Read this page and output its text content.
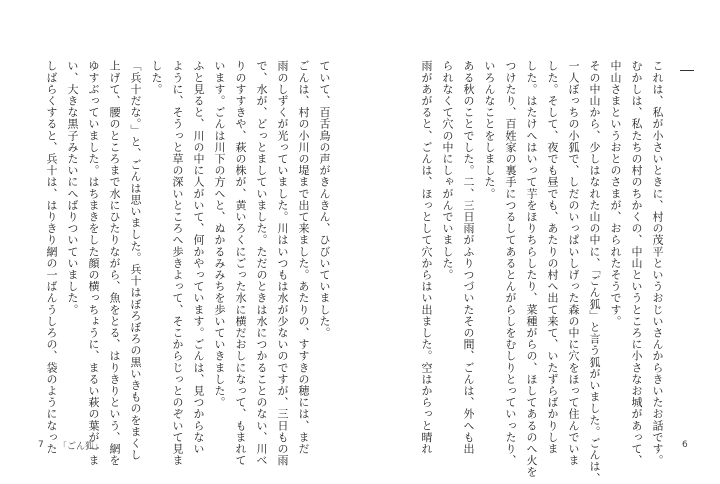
ていて、百舌鳥の声がきんきん、ひびいていました。
ごんは、村の小川の堤まで出て来ました。あたりの、すすきの穂には、まだ
雨のしずくが光っていました。川はいつもは水が少ないのですが、三日もの雨
で、水が、どっとましていました。ただのときは水につかることのない、川べ
りのすすきや、萩の株が、黄いろくにごった水に横だおしになって、もまれて
います。ごんは川下の方へと、ぬかるみみちを歩いていきました。
ふと見ると、川の中に人がいて、何かやっています。ごんは、見つからない
ように、そうっと草の深いところへ歩きよって、そこからじっとのぞいて見ま
した。
「兵十だな。」と、ごんは思いました。兵十はぼろぼろの黒いきものをまくし
上げて、腰のところまで水にひたりながら、魚をとる、はりきりという、網を
ゆすぶっていました。はちまきをした顔の横っちょうに、まるい萩の葉が一ま
い、大きな黒子みたいにへばりついていました。
しばらくすると、兵十は、はりきり網の一ばんうしろの、袋のようになった
7 「ごん狐」	これは、私が小さいときに、村の茂平というおじいさんからきいたお話です。
むかしは、私たちの村のちかくの、中山というところに小さなお城があって、
中山さまというおとのさまが、おられたそうです。
その中山から、少しはなれた山の中に、「ごん狐」と言う狐がいました。ごんは、
一人ぼっちの小狐で、しだのいっぱいしげった森の中に穴をほって住んでいま
した。そして、夜でも昼でも、あたりの村へ出て来て、いたずらばかりしま
した。はたけへはいって芋をほりちらしたり、菜種がらの、ほしてあるのへ火を
つけたり、百姓家の裏手につるしてあるとんがらしをむしりとっていったり、
いろんなことをしました。
ある秋のことでした。二、三日雨がふりつづいたその間、ごんは、外へも出
られなくて穴の中にしゃがんでいました。
雨があがると、ごんは、ほっとして穴からはい出ました。空はからっと晴れ	6
